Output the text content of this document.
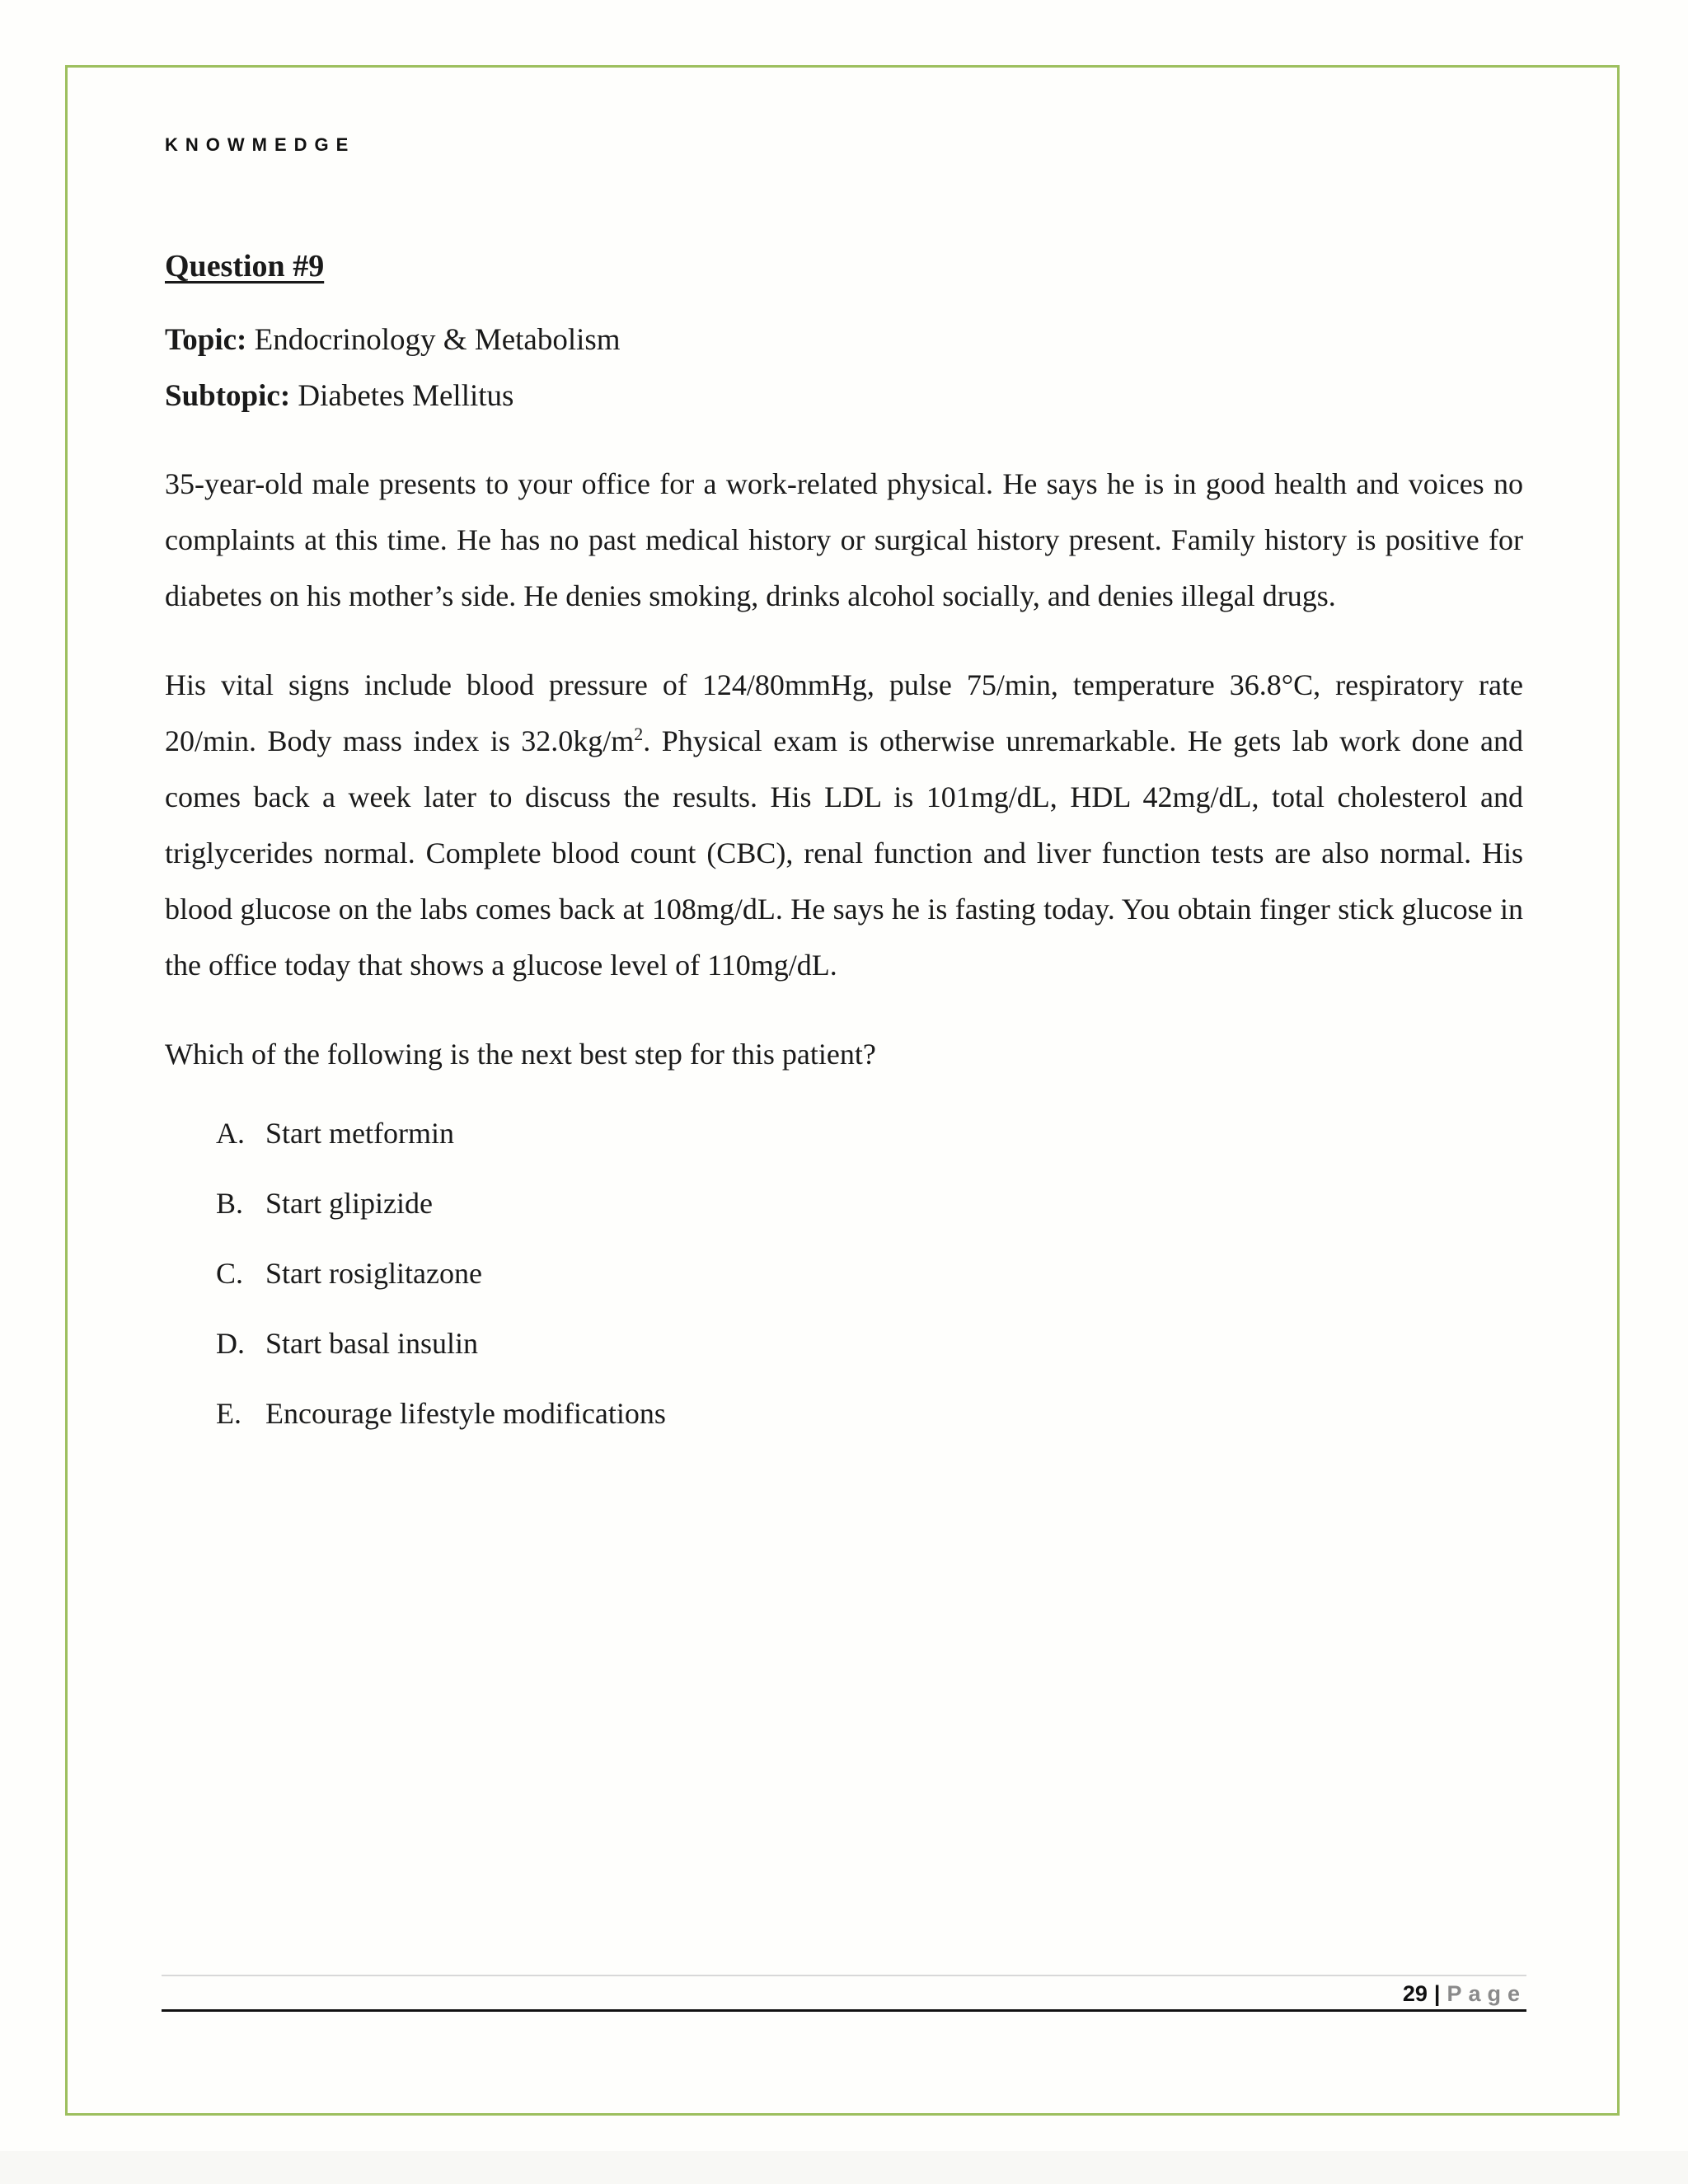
KNOWMEDGE
Question #9

Topic: Endocrinology & Metabolism

Subtopic: Diabetes Mellitus

35-year-old male presents to your office for a work-related physical. He says he is in good health and voices no complaints at this time. He has no past medical history or surgical history present. Family history is positive for diabetes on his mother’s side. He denies smoking, drinks alcohol socially, and denies illegal drugs.

His vital signs include blood pressure of 124/80mmHg, pulse 75/min, temperature 36.8°C, respiratory rate 20/min. Body mass index is $32.0kg/m^2$. Physical exam is otherwise unremarkable. He gets lab work done and comes back a week later to discuss the results. His LDL is 101mg/dL, HDL 42mg/dL, total cholesterol and triglycerides normal. Complete blood count (CBC), renal function and liver function tests are also normal. His blood glucose on the labs comes back at 108mg/dL. He says he is fasting today. You obtain finger stick glucose in the office today that shows a glucose level of 110mg/dL.

Which of the following is the next best step for this patient?

A. Start metformin
B. Start glipizide
C. Start rosiglitazone
D. Start basal insulin
E. Encourage lifestyle modifications
29 | Page
